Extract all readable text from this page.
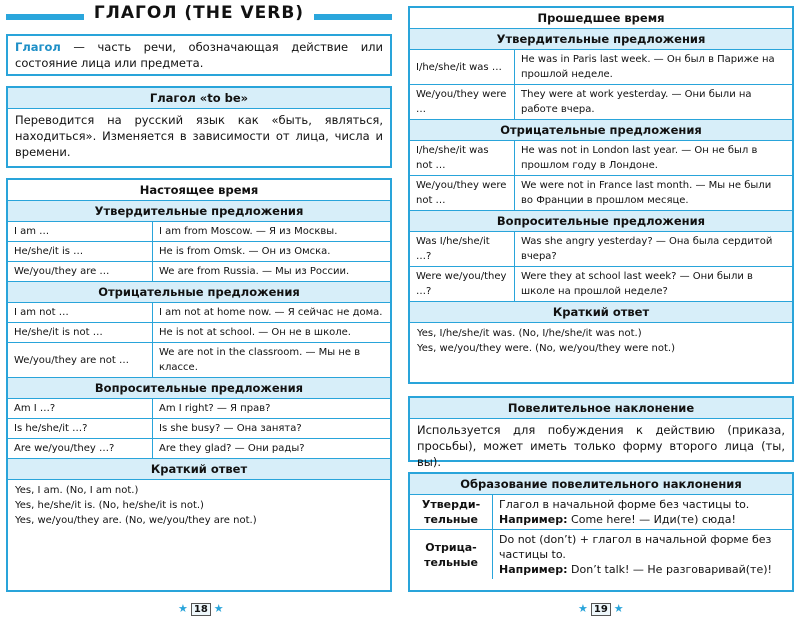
ГЛАГОЛ (THE VERB)
Глагол — часть речи, обозначающая действие или состояние лица или предмета.
Глагол «to be»
Переводится на русский язык как «быть, являться, находиться». Изменяется в зависимости от лица, числа и времени.
Настоящее время
Утвердительные предложения
I am …	I am from Moscow. — Я из Москвы.
He/she/it is …	He is from Omsk. — Он из Омска.
We/you/they are …	We are from Russia. — Мы из России.
Отрицательные предложения
I am not …	I am not at home now. — Я сейчас не дома.
He/she/it is not …	He is not at school. — Он не в школе.
We/you/they are not …	We are not in the classroom. — Мы не в классе.
Вопросительные предложения
Am I …?	Am I right? — Я прав?
Is he/she/it …?	Is she busy? — Она занята?
Are we/you/they …?	Are they glad? — Они рады?
Краткий ответ
Yes, I am. (No, I am not.)
Yes, he/she/it is. (No, he/she/it is not.)
Yes, we/you/they are. (No, we/you/they are not.)
★ 18 ★
Прошедшее время
Утвердительные предложения
I/he/she/it was …	He was in Paris last week. — Он был в Париже на прошлой неделе.
We/you/they were …	They were at work yesterday. — Они были на работе вчера.
Отрицательные предложения
I/he/she/it was not …	He was not in London last year. — Он не был в прошлом году в Лондоне.
We/you/they were not …	We were not in France last month. — Мы не были во Франции в прошлом месяце.
Вопросительные предложения
Was I/he/she/it …?	Was she angry yesterday? — Она была сердитой вчера?
Were we/you/they …?	Were they at school last week? — Они были в школе на прошлой неделе?
Краткий ответ
Yes, I/he/she/it was. (No, I/he/she/it was not.)
Yes, we/you/they were. (No, we/you/they were not.)
Повелительное наклонение
Используется для побуждения к действию (приказа, просьбы), может иметь только форму второго лица (ты, вы).
Образование повелительного наклонения
Утверди-тельные	Глагол в начальной форме без частицы to.
Например: Come here! — Иди(те) сюда!

Отрица-тельные	Do not (don’t) + глагол в начальной форме без частицы to.
Например: Don’t talk! — Не разговаривай(те)!
★ 19 ★
